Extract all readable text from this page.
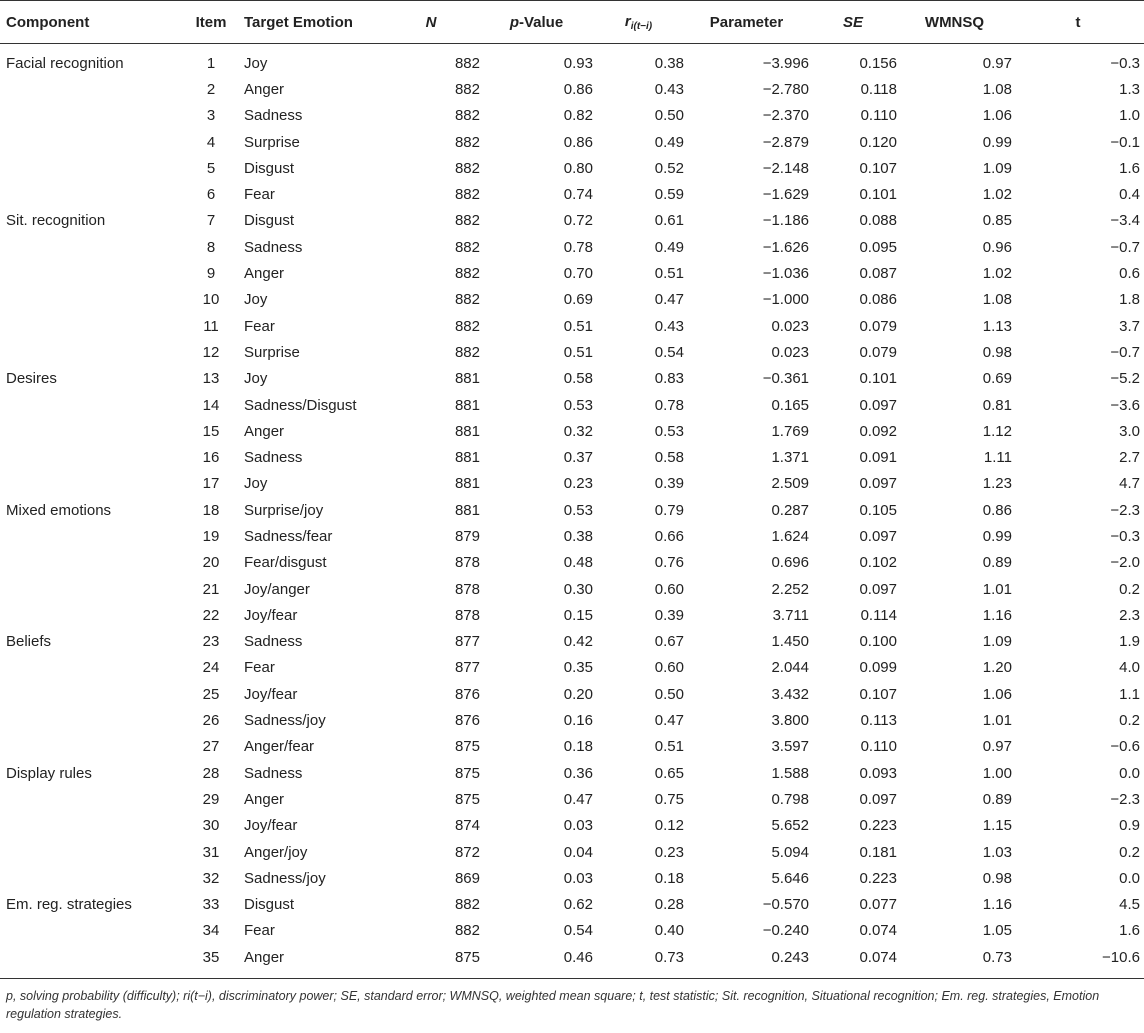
Component	Item	Target Emotion	N	p-Value	$r_{i(t-i)}$	Parameter	SE	WMNSQ	t
Facial recognition	1	Joy	882	0.93	0.38	−3.996	0.156	0.97	−0.3
	2	Anger	882	0.86	0.43	−2.780	0.118	1.08	1.3
	3	Sadness	882	0.82	0.50	−2.370	0.110	1.06	1.0
	4	Surprise	882	0.86	0.49	−2.879	0.120	0.99	−0.1
	5	Disgust	882	0.80	0.52	−2.148	0.107	1.09	1.6
	6	Fear	882	0.74	0.59	−1.629	0.101	1.02	0.4
Sit. recognition	7	Disgust	882	0.72	0.61	−1.186	0.088	0.85	−3.4
	8	Sadness	882	0.78	0.49	−1.626	0.095	0.96	−0.7
	9	Anger	882	0.70	0.51	−1.036	0.087	1.02	0.6
	10	Joy	882	0.69	0.47	−1.000	0.086	1.08	1.8
	11	Fear	882	0.51	0.43	0.023	0.079	1.13	3.7
	12	Surprise	882	0.51	0.54	0.023	0.079	0.98	−0.7
Desires	13	Joy	881	0.58	0.83	−0.361	0.101	0.69	−5.2
	14	Sadness/Disgust	881	0.53	0.78	0.165	0.097	0.81	−3.6
	15	Anger	881	0.32	0.53	1.769	0.092	1.12	3.0
	16	Sadness	881	0.37	0.58	1.371	0.091	1.11	2.7
	17	Joy	881	0.23	0.39	2.509	0.097	1.23	4.7
Mixed emotions	18	Surprise/joy	881	0.53	0.79	0.287	0.105	0.86	−2.3
	19	Sadness/fear	879	0.38	0.66	1.624	0.097	0.99	−0.3
	20	Fear/disgust	878	0.48	0.76	0.696	0.102	0.89	−2.0
	21	Joy/anger	878	0.30	0.60	2.252	0.097	1.01	0.2
	22	Joy/fear	878	0.15	0.39	3.711	0.114	1.16	2.3
Beliefs	23	Sadness	877	0.42	0.67	1.450	0.100	1.09	1.9
	24	Fear	877	0.35	0.60	2.044	0.099	1.20	4.0
	25	Joy/fear	876	0.20	0.50	3.432	0.107	1.06	1.1
	26	Sadness/joy	876	0.16	0.47	3.800	0.113	1.01	0.2
	27	Anger/fear	875	0.18	0.51	3.597	0.110	0.97	−0.6
Display rules	28	Sadness	875	0.36	0.65	1.588	0.093	1.00	0.0
	29	Anger	875	0.47	0.75	0.798	0.097	0.89	−2.3
	30	Joy/fear	874	0.03	0.12	5.652	0.223	1.15	0.9
	31	Anger/joy	872	0.04	0.23	5.094	0.181	1.03	0.2
	32	Sadness/joy	869	0.03	0.18	5.646	0.223	0.98	0.0
Em. reg. strategies	33	Disgust	882	0.62	0.28	−0.570	0.077	1.16	4.5
	34	Fear	882	0.54	0.40	−0.240	0.074	1.05	1.6
	35	Anger	875	0.46	0.73	0.243	0.074	0.73	−10.6
p, solving probability (difficulty); ri(t−i), discriminatory power; SE, standard error; WMNSQ, weighted mean square; t, test statistic; Sit. recognition, Situational recognition; Em. reg. strategies, Emotion regulation strategies.
